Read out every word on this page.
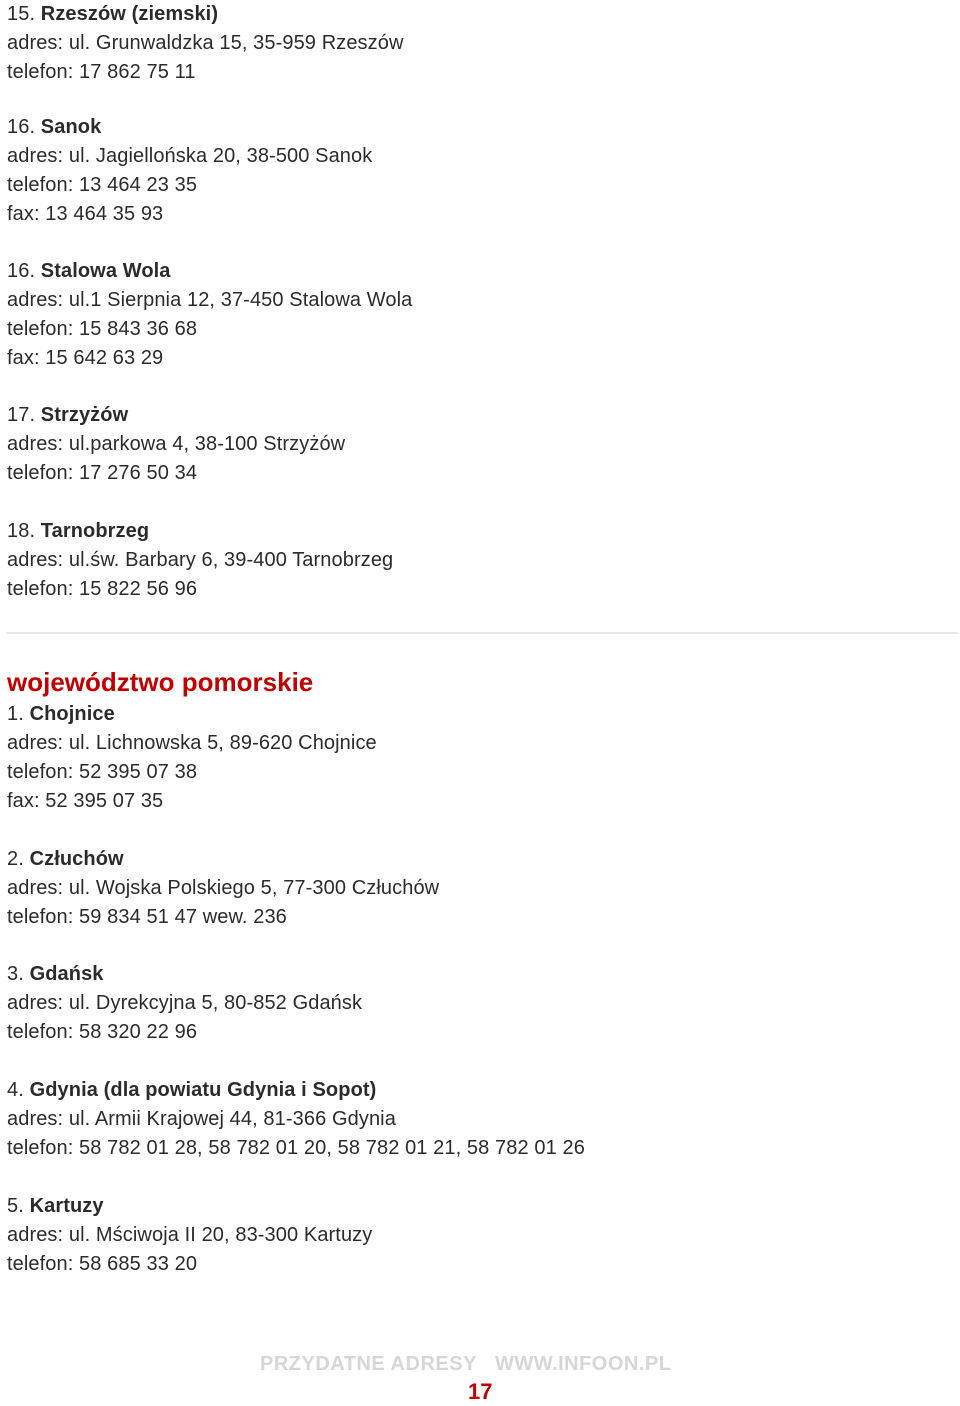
15. Rzeszów (ziemski)
adres: ul. Grunwaldzka 15, 35-959 Rzeszów
telefon: 17 862 75 11
16. Sanok
adres: ul. Jagiellońska 20, 38-500 Sanok
telefon: 13 464 23 35
fax: 13 464 35 93
16. Stalowa Wola
adres: ul.1 Sierpnia 12, 37-450 Stalowa Wola
telefon: 15 843 36 68
fax: 15 642 63 29
17. Strzyżów
adres: ul.parkowa 4, 38-100 Strzyżów
telefon: 17 276 50 34
18. Tarnobrzeg
adres: ul.św. Barbary 6, 39-400 Tarnobrzeg
telefon: 15 822 56 96
województwo pomorskie
1. Chojnice
adres: ul. Lichnowska 5, 89-620 Chojnice
telefon: 52 395 07 38
fax: 52 395 07 35
2. Człuchów
adres: ul. Wojska Polskiego 5, 77-300 Człuchów
telefon: 59 834 51 47 wew. 236
3. Gdańsk
adres: ul. Dyrekcyjna 5, 80-852 Gdańsk
telefon: 58 320 22 96
4. Gdynia (dla powiatu Gdynia i Sopot)
adres: ul. Armii Krajowej 44, 81-366 Gdynia
telefon: 58 782 01 28, 58 782 01 20, 58 782 01 21, 58 782 01 26
5. Kartuzy
adres: ul. Mściwoja II 20, 83-300 Kartuzy
telefon: 58 685 33 20
PRZYDATNE ADRESY WWW.INFOON.PL
17
